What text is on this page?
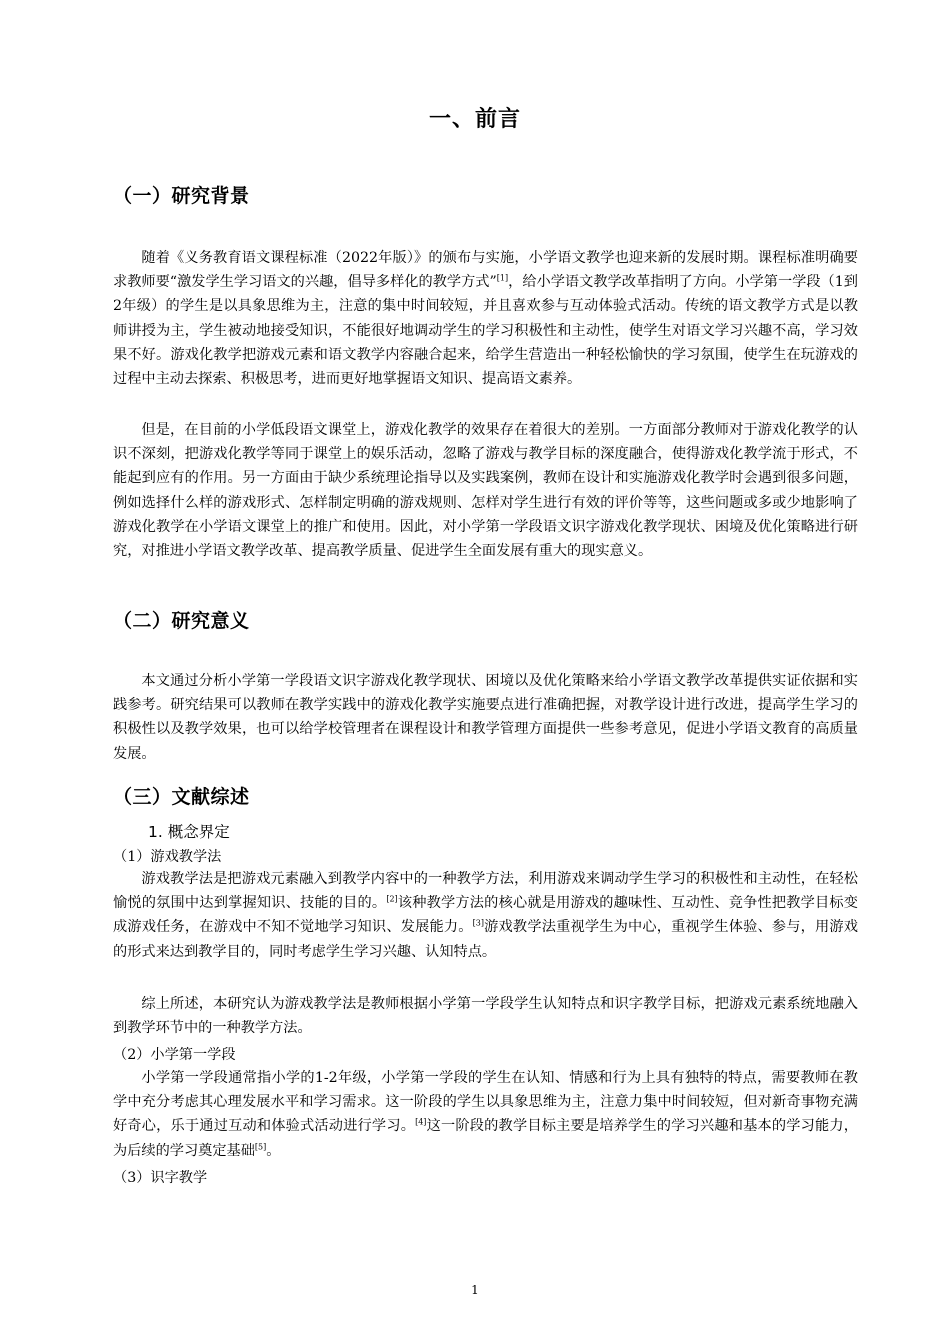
一、前言
（一）研究背景

随着《义务教育语文课程标准（2022年版）》的颁布与实施，小学语文教学也迎来新的发展时期。课程标准明确要求教师要“激发学生学习语文的兴趣，倡导多样化的教学方式”[1]，给小学语文教学改革指明了方向。小学第一学段（1到2年级）的学生是以具象思维为主，注意的集中时间较短，并且喜欢参与互动体验式活动。传统的语文教学方式是以教师讲授为主，学生被动地接受知识，不能很好地调动学生的学习积极性和主动性，使学生对语文学习兴趣不高，学习效果不好。游戏化教学把游戏元素和语文教学内容融合起来，给学生营造出一种轻松愉快的学习氛围，使学生在玩游戏的过程中主动去探索、积极思考，进而更好地掌握语文知识、提高语文素养。

但是，在目前的小学低段语文课堂上，游戏化教学的效果存在着很大的差别。一方面部分教师对于游戏化教学的认识不深刻，把游戏化教学等同于课堂上的娱乐活动，忽略了游戏与教学目标的深度融合，使得游戏化教学流于形式，不能起到应有的作用。另一方面由于缺少系统理论指导以及实践案例，教师在设计和实施游戏化教学时会遇到很多问题，例如选择什么样的游戏形式、怎样制定明确的游戏规则、怎样对学生进行有效的评价等等，这些问题或多或少地影响了游戏化教学在小学语文课堂上的推广和使用。因此，对小学第一学段语文识字游戏化教学现状、困境及优化策略进行研究，对推进小学语文教学改革、提高教学质量、促进学生全面发展有重大的现实意义。

（二）研究意义

本文通过分析小学第一学段语文识字游戏化教学现状、困境以及优化策略来给小学语文教学改革提供实证依据和实践参考。研究结果可以教师在教学实践中的游戏化教学实施要点进行准确把握，对教学设计进行改进，提高学生学习的积极性以及教学效果，也可以给学校管理者在课程设计和教学管理方面提供一些参考意见，促进小学语文教育的高质量发展。

（三）文献综述
1. 概念界定
（1）游戏教学法

游戏教学法是把游戏元素融入到教学内容中的一种教学方法，利用游戏来调动学生学习的积极性和主动性，在轻松愉悦的氛围中达到掌握知识、技能的目的。[2]该种教学方法的核心就是用游戏的趣味性、互动性、竞争性把教学目标变成游戏任务，在游戏中不知不觉地学习知识、发展能力。[3]游戏教学法重视学生为中心，重视学生体验、参与，用游戏的形式来达到教学目的，同时考虑学生学习兴趣、认知特点。

综上所述，本研究认为游戏教学法是教师根据小学第一学段学生认知特点和识字教学目标，把游戏元素系统地融入到教学环节中的一种教学方法。

（2）小学第一学段

小学第一学段通常指小学的1-2年级，小学第一学段的学生在认知、情感和行为上具有独特的特点，需要教师在教学中充分考虑其心理发展水平和学习需求。这一阶段的学生以具象思维为主，注意力集中时间较短，但对新奇事物充满好奇心，乐于通过互动和体验式活动进行学习。[4]这一阶段的教学目标主要是培养学生的学习兴趣和基本的学习能力，为后续的学习奠定基础[5]。

（3）识字教学
1
